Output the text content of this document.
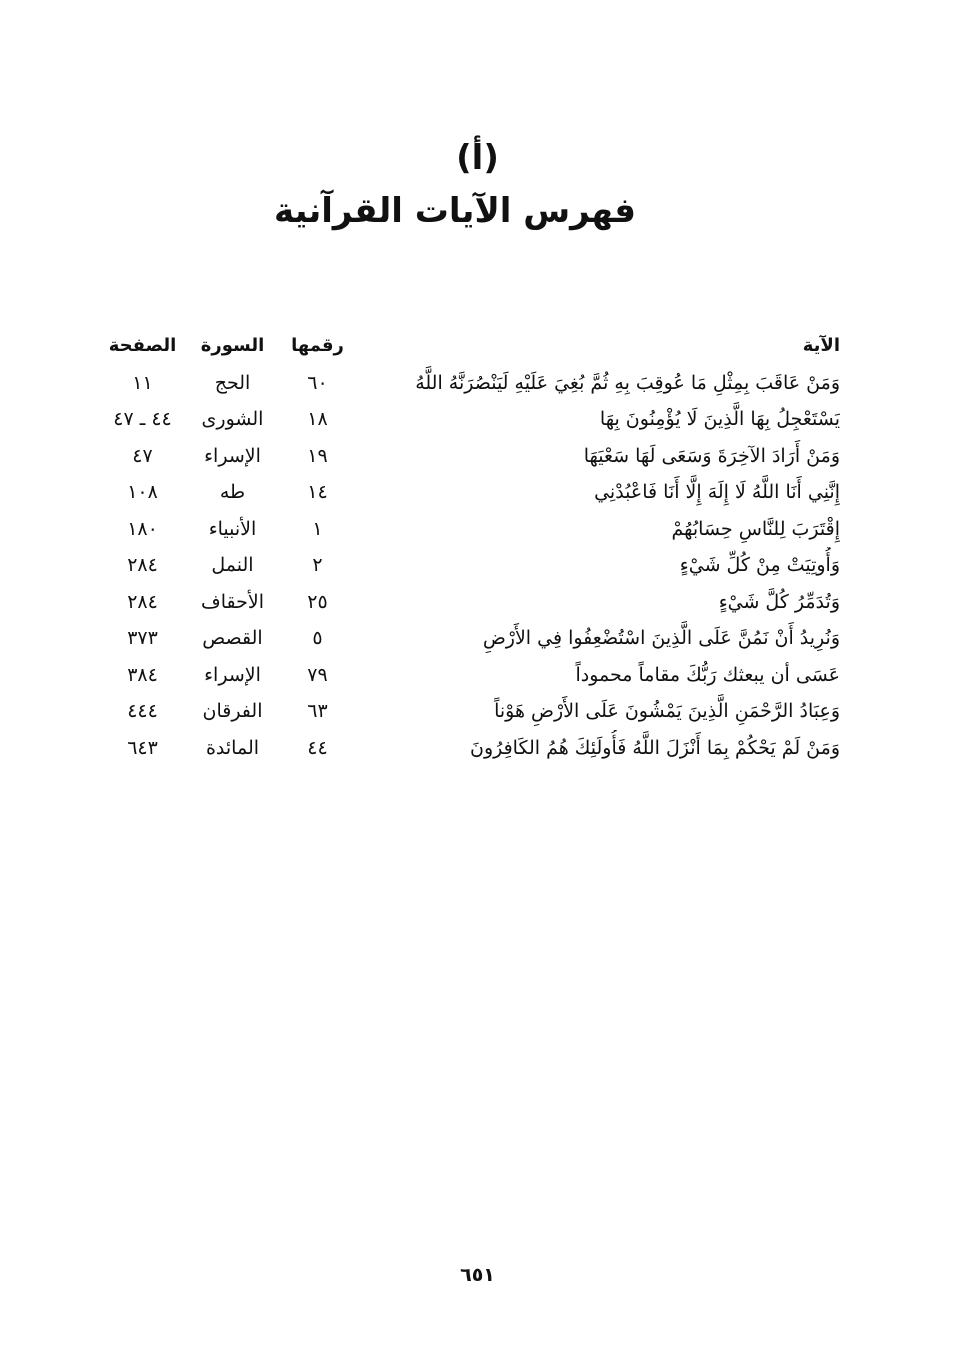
(أ)
فهرس الآيات القرآنية
الآية	رقمها	السورة	الصفحة
وَمَنْ عَاقَبَ بِمِثْلِ مَا عُوقِبَ بِهِ ثُمَّ بُغِيَ عَلَيْهِ لَيَنْصُرَنَّهُ اللَّهُ	٦٠	الحج	١١
يَسْتَعْجِلُ بِهَا الَّذِينَ لَا يُؤْمِنُونَ بِهَا	١٨	الشورى	٤٤ ـ ٤٧
وَمَنْ أَرَادَ الآخِرَةَ وَسَعَى لَهَا سَعْيَهَا	١٩	الإسراء	٤٧
إِنَّنِي أَنَا اللَّهُ لَا إِلَهَ إِلَّا أَنَا فَاعْبُدْنِي	١٤	طه	١٠٨
إِقْتَرَبَ لِلنَّاسِ حِسَابُهُمْ	١	الأنبياء	١٨٠
وَأُوتِيَتْ مِنْ كُلِّ شَيْءٍ	٢	النمل	٢٨٤
وَتُدَمِّرُ كُلَّ شَيْءٍ	٢٥	الأحقاف	٢٨٤
وَنُرِيدُ أَنْ نَمُنَّ عَلَى الَّذِينَ اسْتُضْعِفُوا فِي الأَرْضِ	٥	القصص	٣٧٣
عَسَى أن يبعثك رَبُّكَ مقاماً محموداً	٧٩	الإسراء	٣٨٤
وَعِبَادُ الرَّحْمَنِ الَّذِينَ يَمْشُونَ عَلَى الأَرْضِ هَوْناً	٦٣	الفرقان	٤٤٤
وَمَنْ لَمْ يَحْكُمْ بِمَا أَنْزَلَ اللَّهُ فَأُولَئِكَ هُمُ الكَافِرُونَ	٤٤	المائدة	٦٤٣
٦٥١
